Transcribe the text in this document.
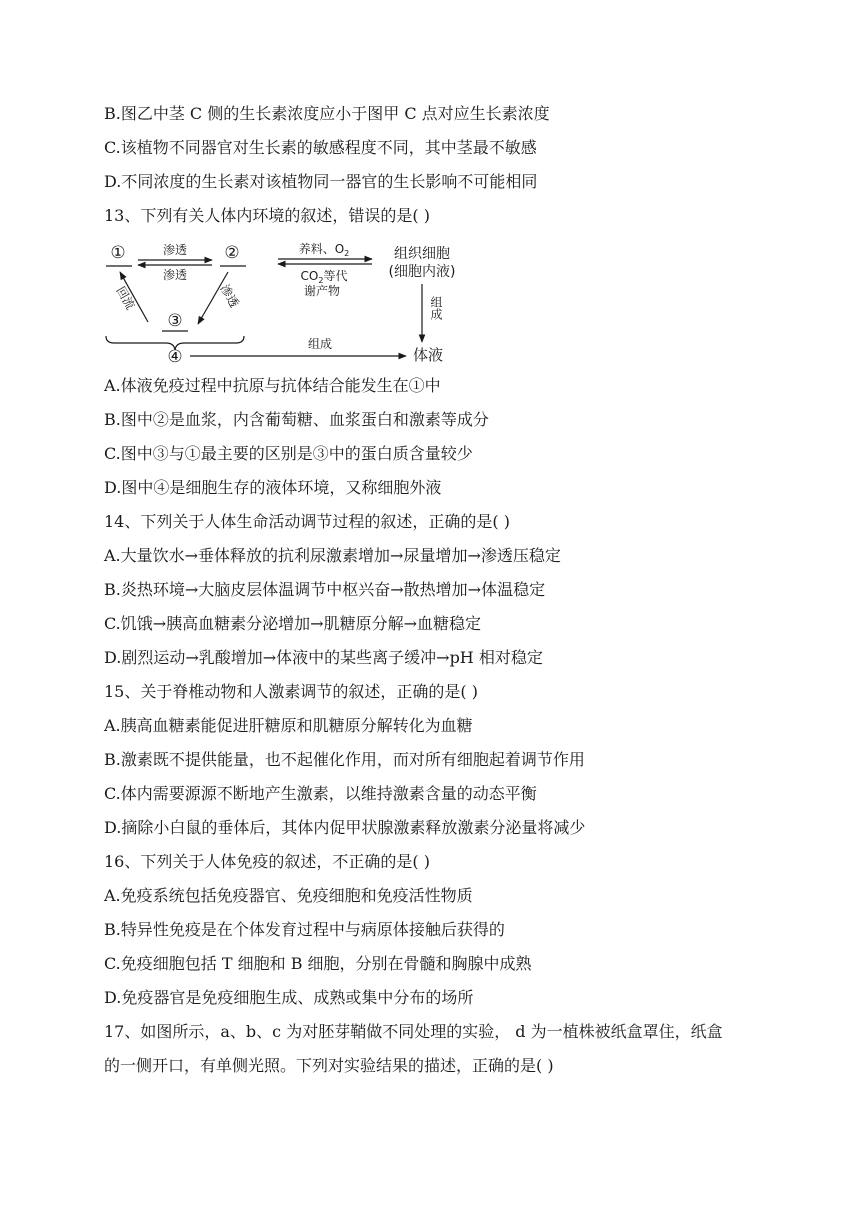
B.图乙中茎 C 侧的生长素浓度应小于图甲 C 点对应生长素浓度
C.该植物不同器官对生长素的敏感程度不同，其中茎最不敏感
D.不同浓度的生长素对该植物同一器官的生长影响不可能相同
13、下列有关人体内环境的叙述，错误的是( )
①	②
渗透
渗透
回流	渗透
③
④
组成
体液
养料、$O_2$
$CO_2$等代
谢产物
组织细胞
(细胞内液)
组成
A.体液免疫过程中抗原与抗体结合能发生在①中
B.图中②是血浆，内含葡萄糖、血浆蛋白和激素等成分
C.图中③与①最主要的区别是③中的蛋白质含量较少
D.图中④是细胞生存的液体环境，又称细胞外液
14、下列关于人体生命活动调节过程的叙述，正确的是( )
A.大量饮水→垂体释放的抗利尿激素增加→尿量增加→渗透压稳定
B.炎热环境→大脑皮层体温调节中枢兴奋→散热增加→体温稳定
C.饥饿→胰高血糖素分泌增加→肌糖原分解→血糖稳定
D.剧烈运动→乳酸增加→体液中的某些离子缓冲→pH 相对稳定
15、关于脊椎动物和人激素调节的叙述，正确的是( )
A.胰高血糖素能促进肝糖原和肌糖原分解转化为血糖
B.激素既不提供能量，也不起催化作用，而对所有细胞起着调节作用
C.体内需要源源不断地产生激素，以维持激素含量的动态平衡
D.摘除小白鼠的垂体后，其体内促甲状腺激素释放激素分泌量将减少
16、下列关于人体免疫的叙述，不正确的是( )
A.免疫系统包括免疫器官、免疫细胞和免疫活性物质
B.特异性免疫是在个体发育过程中与病原体接触后获得的
C.免疫细胞包括 T 细胞和 B 细胞，分别在骨髓和胸腺中成熟
D.免疫器官是免疫细胞生成、成熟或集中分布的场所
17、如图所示，a、b、c 为对胚芽鞘做不同处理的实验， d 为一植株被纸盒罩住，纸盒
的一侧开口，有单侧光照。下列对实验结果的描述，正确的是( )
